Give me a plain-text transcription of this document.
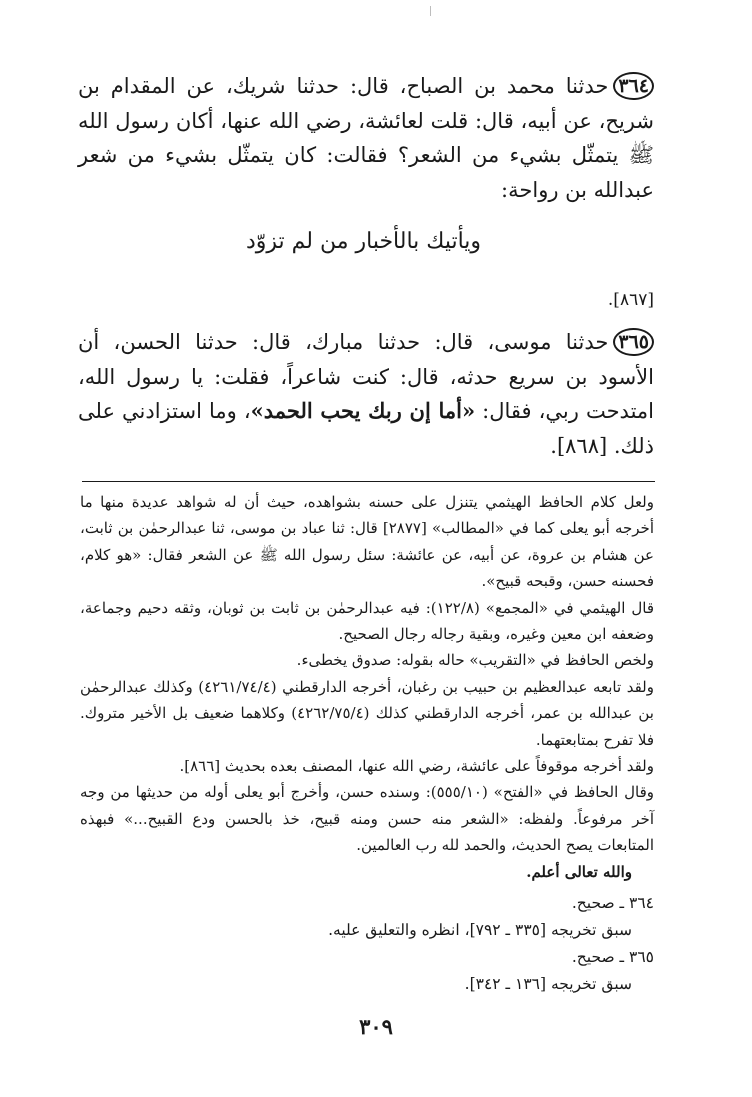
٣٦٤حدثنا محمد بن الصباح، قال: حدثنا شريك، عن المقدام بن شريح، عن أبيه، قال: قلت لعائشة، رضي الله عنها، أكان رسول الله ﷺ يتمثّل بشيء من الشعر؟ فقالت: كان يتمثّل بشيء من شعر عبدالله بن رواحة:
ويأتيك بالأخبار من لم تزوّد
[٨٦٧].
٣٦٥حدثنا موسى، قال: حدثنا مبارك، قال: حدثنا الحسن، أن الأسود بن سريع حدثه، قال: كنت شاعراً، فقلت: يا رسول الله، امتدحت ربي، فقال: «أما إن ربك يحب الحمد»، وما استزادني على ذلك. [٨٦٨].

ولعل كلام الحافظ الهيثمي يتنزل على حسنه بشواهده، حيث أن له شواهد عديدة منها ما أخرجه أبو يعلى كما في «المطالب» [٢٨٧٧] قال: ثنا عباد بن موسى، ثنا عبدالرحمٰن بن ثابت، عن هشام بن عروة، عن أبيه، عن عائشة: سئل رسول الله ﷺ عن الشعر فقال: «هو كلام، فحسنه حسن، وقبحه قبيح».

قال الهيثمي في «المجمع» (١٢٢/٨): فيه عبدالرحمٰن بن ثابت بن ثوبان، وثقه دحيم وجماعة، وضعفه ابن معين وغيره، وبقية رجاله رجال الصحيح.

ولخص الحافظ في «التقريب» حاله بقوله: صدوق يخطىء.

ولقد تابعه عبدالعظيم بن حبيب بن رغبان، أخرجه الدارقطني (٤٢٦١/٧٤/٤) وكذلك عبدالرحمٰن بن عبدالله بن عمر، أخرجه الدارقطني كذلك (٤٢٦٢/٧٥/٤) وكلاهما ضعيف بل الأخير متروك. فلا تفرح بمتابعتهما.

ولقد أخرجه موقوفاً على عائشة، رضي الله عنها، المصنف بعده بحديث [٨٦٦].

وقال الحافظ في «الفتح» (٥٥٥/١٠): وسنده حسن، وأخرج أبو يعلى أوله من حديثها من وجه آخر مرفوعاً. ولفظه: «الشعر منه حسن ومنه قبيح، خذ بالحسن ودع القبيح...» فبهذه المتابعات يصح الحديث، والحمد لله رب العالمين.

والله تعالى أعلم.

٣٦٤ ـ صحيح.

سبق تخريجه [٣٣٥ ـ ٧٩٢]، انظره والتعليق عليه.

٣٦٥ ـ صحيح.

سبق تخريجه [١٣٦ ـ ٣٤٢].

٣٠٩
